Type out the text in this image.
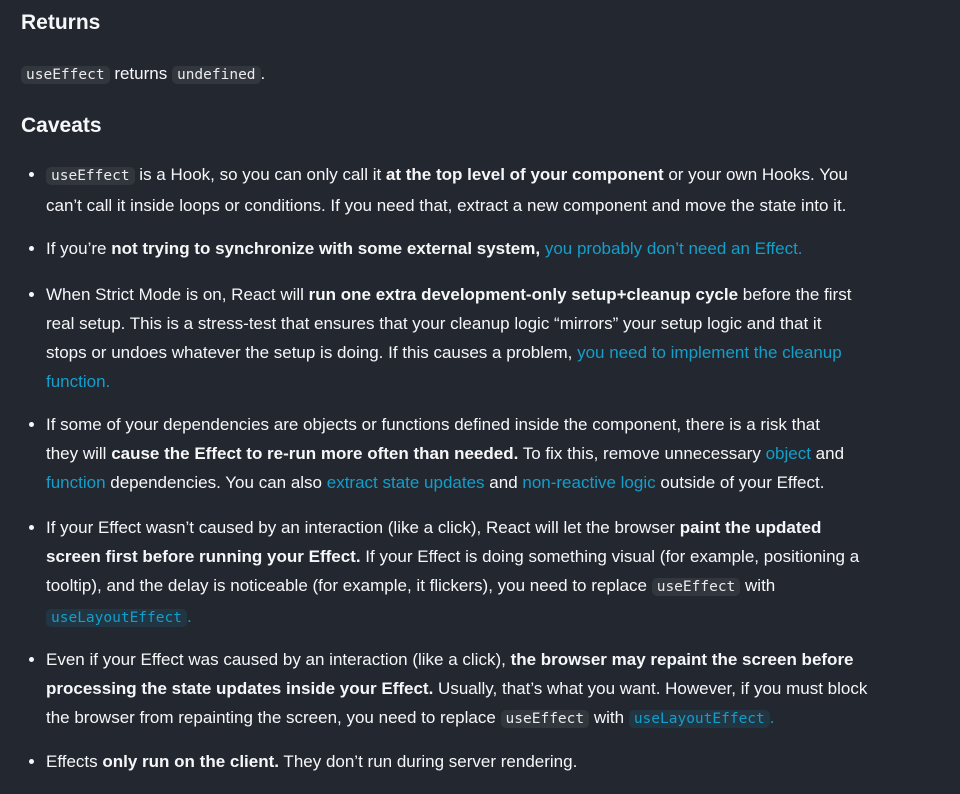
Returns

useEffect returns undefined .

Caveats
useEffect is a Hook, so you can only call it at the top level of your component or your own Hooks. You
can’t call it inside loops or conditions. If you need that, extract a new component and move the state into it.
If you’re not trying to synchronize with some external system, you probably don’t need an Effect.
When Strict Mode is on, React will run one extra development-only setup+cleanup cycle before the first
real setup. This is a stress-test that ensures that your cleanup logic “mirrors” your setup logic and that it
stops or undoes whatever the setup is doing. If this causes a problem, you need to implement the cleanup
function.
If some of your dependencies are objects or functions defined inside the component, there is a risk that
they will cause the Effect to re-run more often than needed. To fix this, remove unnecessary object and
function dependencies. You can also extract state updates and non-reactive logic outside of your Effect.
If your Effect wasn’t caused by an interaction (like a click), React will let the browser paint the updated
screen first before running your Effect. If your Effect is doing something visual (for example, positioning a
tooltip), and the delay is noticeable (for example, it flickers), you need to replace useEffect with
useLayoutEffect .
Even if your Effect was caused by an interaction (like a click), the browser may repaint the screen before
processing the state updates inside your Effect. Usually, that’s what you want. However, if you must block
the browser from repainting the screen, you need to replace useEffect with useLayoutEffect .
Effects only run on the client. They don’t run during server rendering.
